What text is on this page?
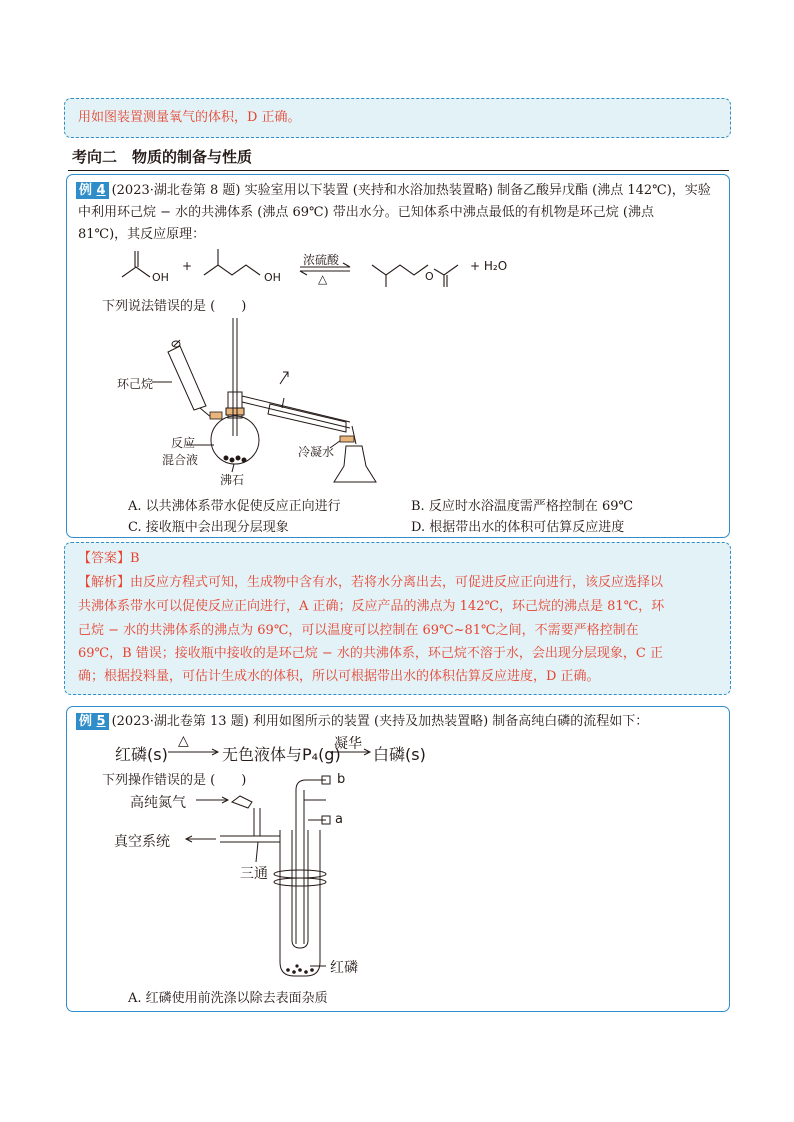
用如图装置测量氧气的体积，D 正确。
考向二　物质的制备与性质
例 4 (2023·湖北卷第 8 题) 实验室用以下装置 (夹持和水浴加热装置略) 制备乙酸异戊酯 (沸点 142℃)，实验
中利用环己烷 − 水的共沸体系 (沸点 69℃) 带出水分。已知体系中沸点最低的有机物是环己烷 (沸点
81℃)，其反应原理：
OH
+
OH
浓硫酸
△	O
+ H₂O
下列说法错误的是 (　　)
环己烷
反应
混合液
沸石
冷凝水
A. 以共沸体系带水促使反应正向进行	B. 反应时水浴温度需严格控制在 69℃
C. 接收瓶中会出现分层现象	D. 根据带出水的体积可估算反应进度
【答案】B
【解析】由反应方程式可知，生成物中含有水，若将水分离出去，可促进反应正向进行，该反应选择以
共沸体系带水可以促使反应正向进行，A 正确；反应产品的沸点为 142℃，环己烷的沸点是 81℃，环
己烷 − 水的共沸体系的沸点为 69℃，可以温度可以控制在 69℃~81℃之间，不需要严格控制在
69℃，B 错误；接收瓶中接收的是环己烷 − 水的共沸体系，环己烷不溶于水，会出现分层现象，C 正
确；根据投料量，可估计生成水的体积，所以可根据带出水的体积估算反应进度，D 正确。
例 5 (2023·湖北卷第 13 题) 利用如图所示的装置 (夹持及加热装置略) 制备高纯白磷的流程如下：
红磷(s)
△
无色液体与P₄(g)
凝华
白磷(s)
下列操作错误的是 (　　)
高纯氮气
真空系统
三通
红磷
b
a
A. 红磷使用前洗涤以除去表面杂质
